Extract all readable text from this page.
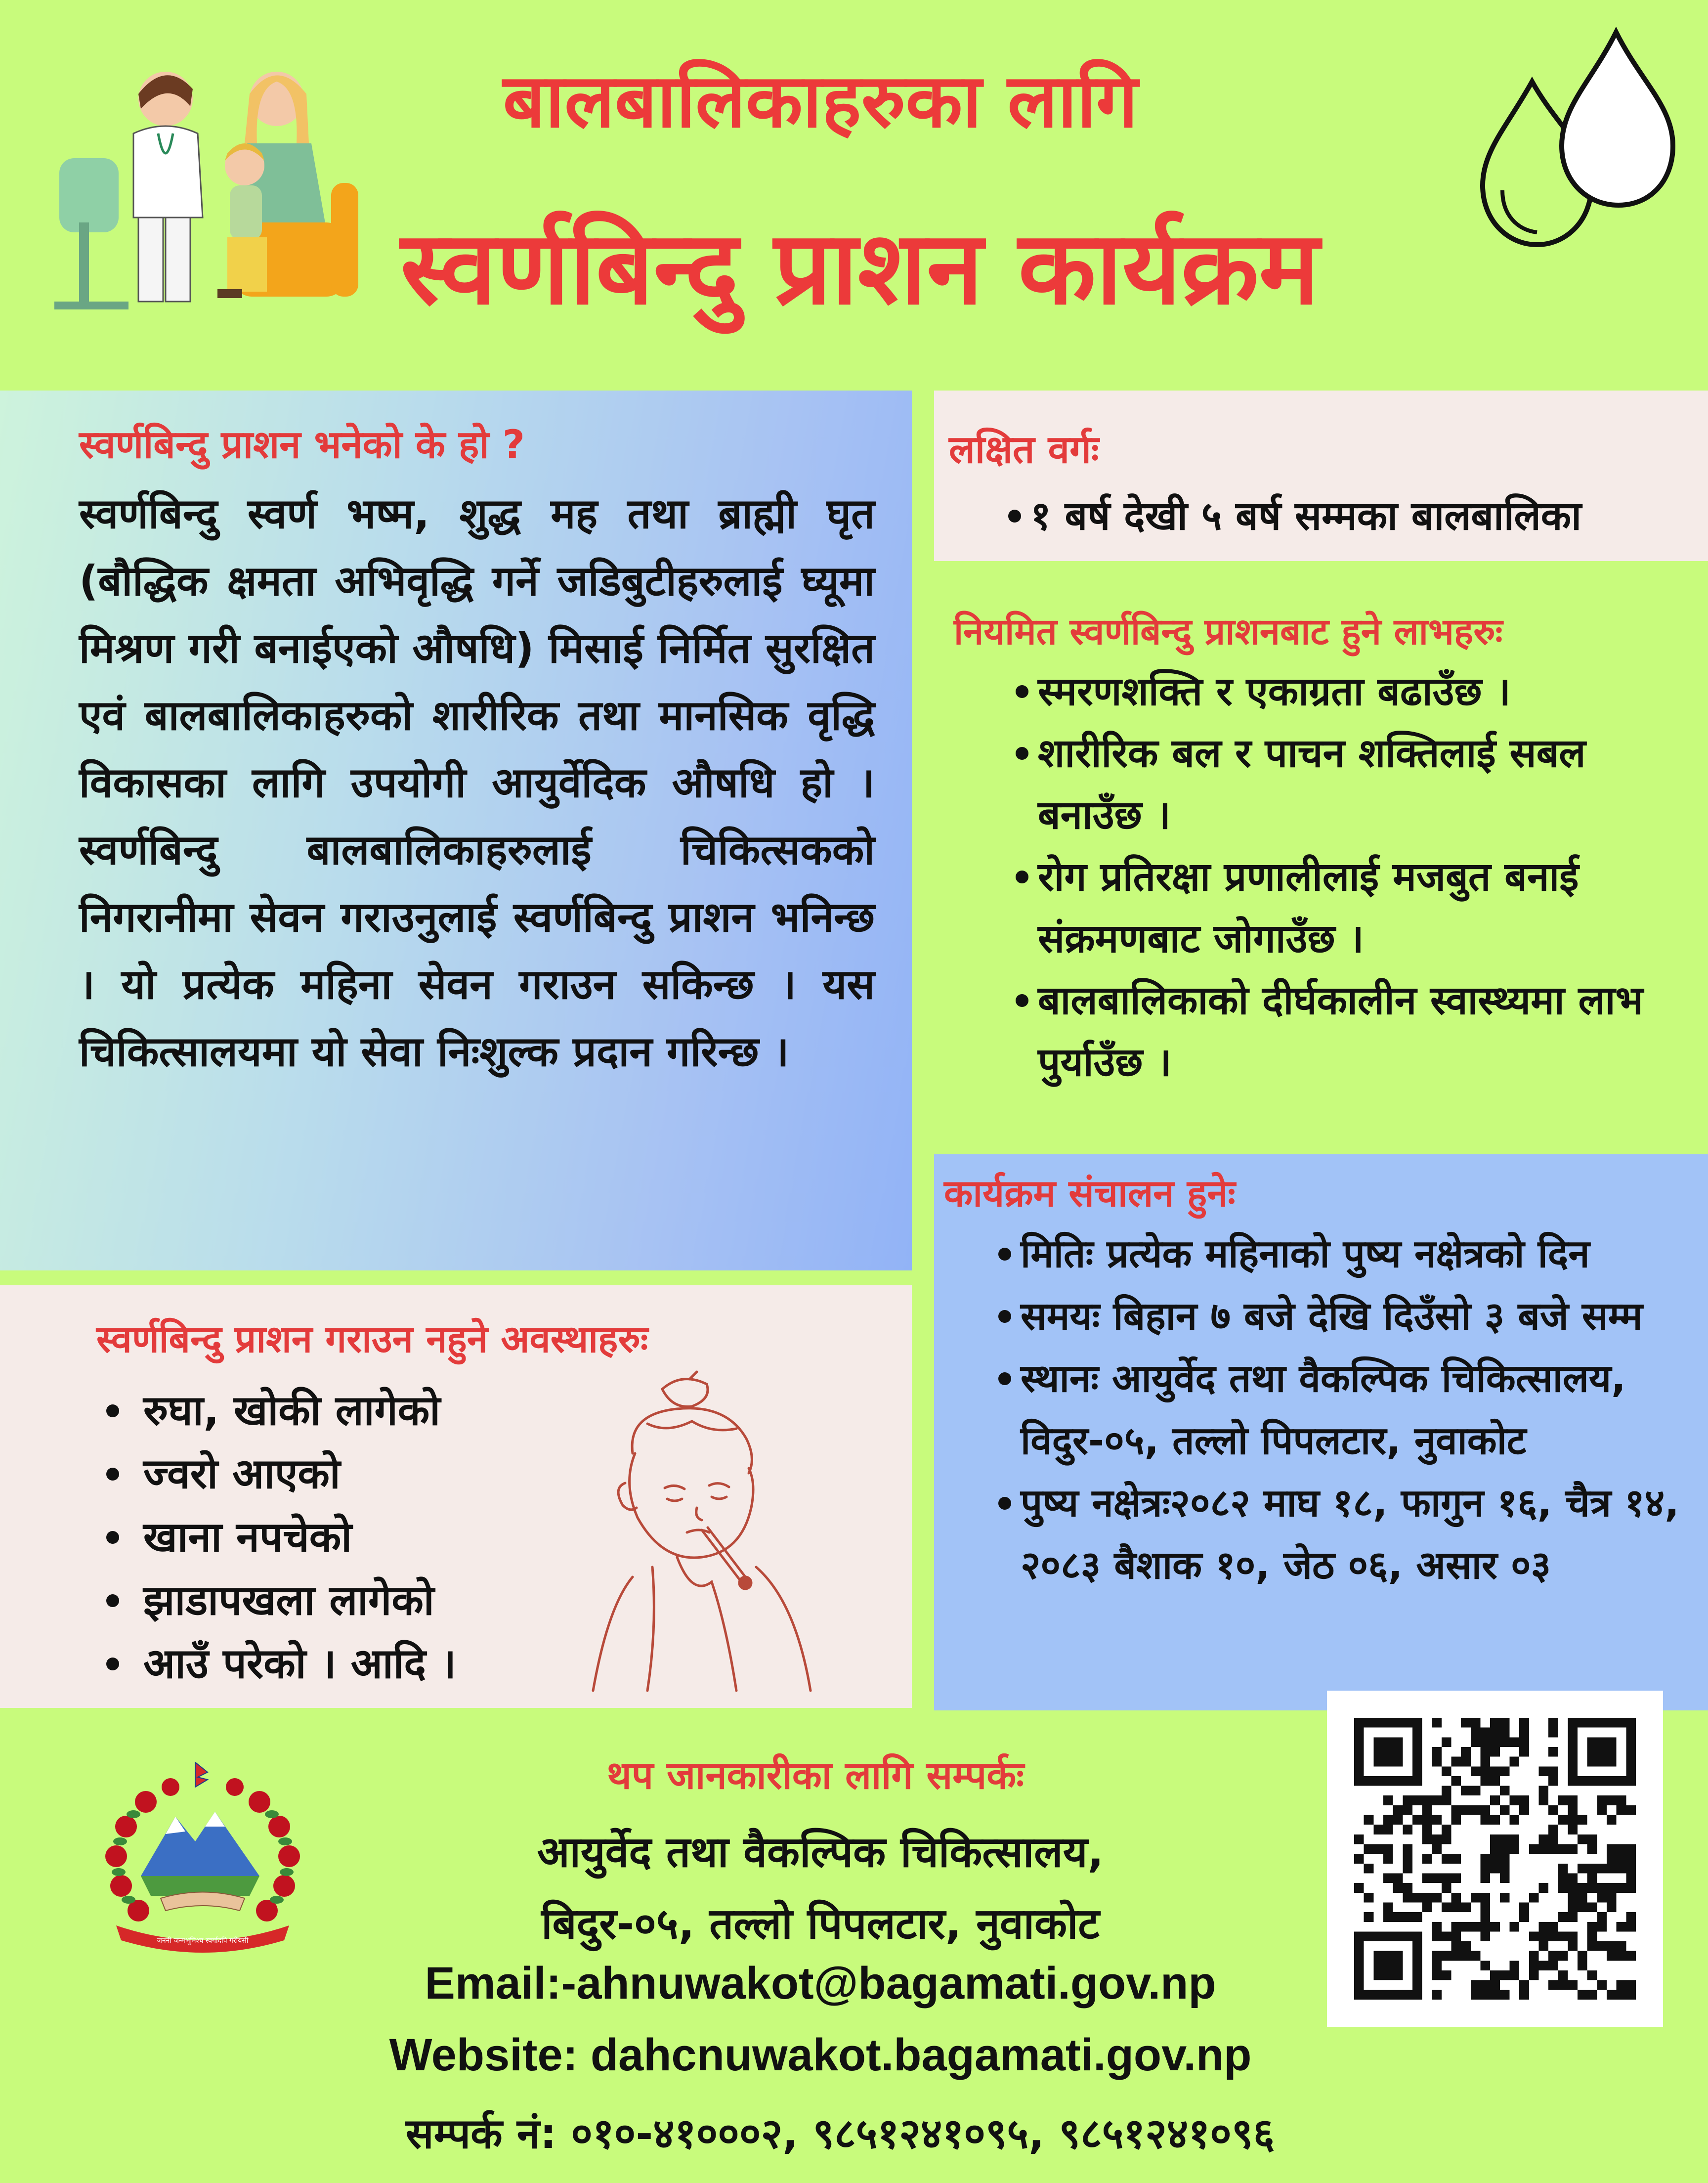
बालबालिकाहरुका लागि
स्वर्णबिन्दु प्राशन कार्यक्रम
स्वर्णबिन्दु प्राशन भनेको के हो ?
स्वर्णबिन्दु स्वर्ण भष्म, शुद्ध मह तथा ब्राह्मी घृत (बौद्धिक क्षमता अभिवृद्धि गर्ने जडिबुटीहरुलाई घ्यूमा मिश्रण गरी बनाईएको औषधि) मिसाई निर्मित सुरक्षित एवं बालबालिकाहरुको शारीरिक तथा मानसिक वृद्धि विकासका लागि उपयोगी आयुर्वेदिक औषधि हो । स्वर्णबिन्दु बालबालिकाहरुलाई चिकित्सकको निगरानीमा सेवन गराउनुलाई स्वर्णबिन्दु प्राशन भनिन्छ । यो प्रत्येक महिना सेवन गराउन सकिन्छ । यस चिकित्सालयमा यो सेवा निःशुल्क प्रदान गरिन्छ ।
स्वर्णबिन्दु प्राशन गराउन नहुने अवस्थाहरुः
रुघा, खोकी लागेको
ज्वरो आएको
खाना नपचेको
झाडापखला लागेको
आउँ परेको । आदि ।
लक्षित वर्गः
१ बर्ष देखी ५ बर्ष सम्मका बालबालिका
नियमित स्वर्णबिन्दु प्राशनबाट हुने लाभहरुः
स्मरणशक्ति र एकाग्रता बढाउँछ ।
शारीरिक बल र पाचन शक्तिलाई सबल बनाउँछ ।
रोग प्रतिरक्षा प्रणालीलाई मजबुत बनाई संक्रमणबाट जोगाउँछ ।
बालबालिकाको दीर्घकालीन स्वास्थ्यमा लाभ पुर्याउँछ ।
कार्यक्रम संचालन हुनेः
मितिः प्रत्येक महिनाको पुष्य नक्षेत्रको दिन
समयः बिहान ७ बजे देखि दिउँसो ३ बजे सम्म
स्थानः आयुर्वेद तथा वैकल्पिक चिकित्सालय, विदुर-०५, तल्लो पिपलटार, नुवाकोट
पुष्य नक्षेत्रः२०८२ माघ १८, फागुन १६, चैत्र १४, २०८३ बैशाक १०, जेठ ०६, असार ०३
जननी जन्मभूमिश्च स्वर्गादपि गरीयसी
थप जानकारीका लागि सम्पर्कः
आयुर्वेद तथा वैकल्पिक चिकित्सालय,
बिदुर-०५, तल्लो पिपलटार, नुवाकोट
Email:-ahnuwakot@bagamati.gov.np
Website: dahcnuwakot.bagamati.gov.np
सम्पर्क नं: ०१०-४१०००२, ९८५१२४१०९५, ९८५१२४१०९६
